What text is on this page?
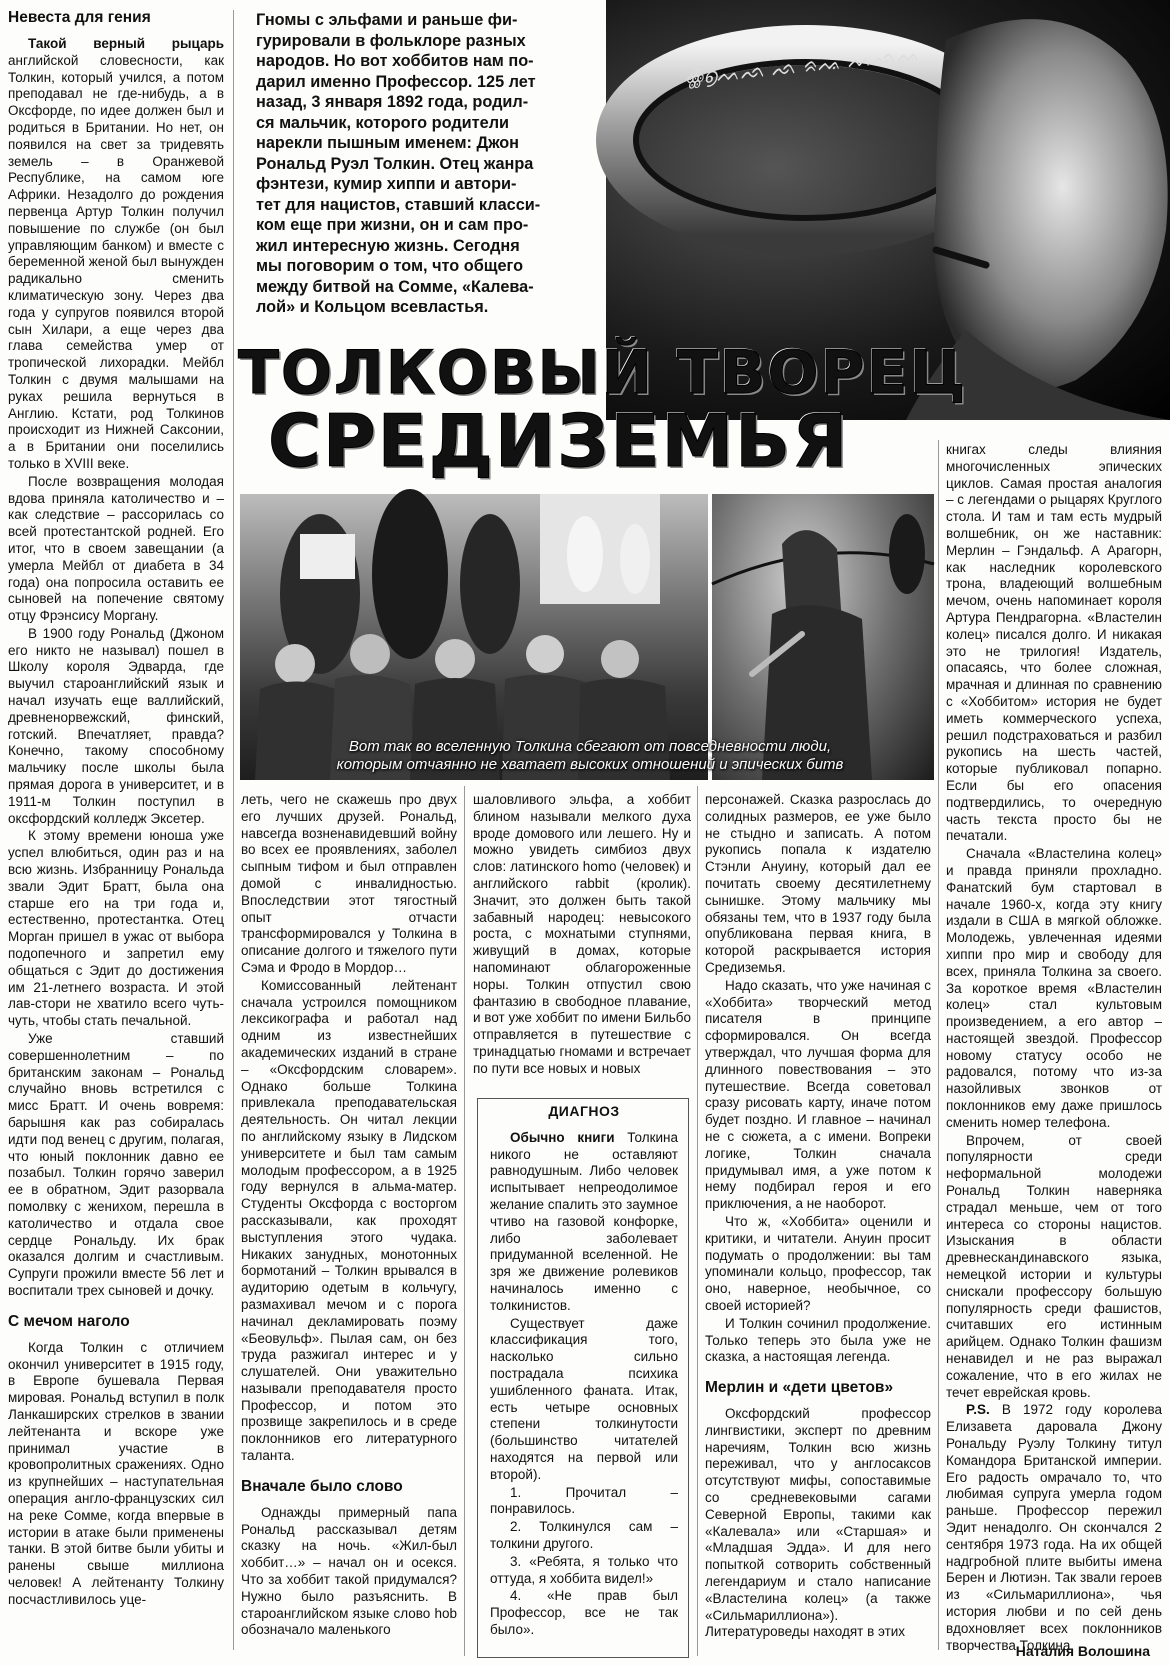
ꙮ൭ᨓᨒ ᨒ ᨑᨕ ᨓᨒᨐ
Гномы с эльфами и раньше фи-
гурировали в фольклоре разных
народов. Но вот хоббитов нам по-
дарил именно Профессор. 125 лет
назад, 3 января 1892 года, родил-
ся мальчик, которого родители
нарекли пышным именем: Джон
Рональд Руэл Толкин. Отец жанра
фэнтези, кумир хиппи и автори-
тет для нацистов, ставший класси-
ком еще при жизни, он и сам про-
жил интересную жизнь. Сегодня
мы поговорим о том, что общего
между битвой на Сомме, «Калева-
лой» и Кольцом всевластья.
ТОЛКОВЫЙ ТВОРЕЦ
СРЕДИЗЕМЬЯ
Вот так во вселенную Толкина сбегают от повседневности люди, которым отчаянно не хватает высоких отношений и эпических битв
Невеста для гения

Такой верный рыцарь английской словесности, как Толкин, который учился, а потом преподавал не где-нибудь, а в Оксфорде, по идее должен был и родиться в Британии. Но нет, он появился на свет за тридевять земель – в Оранжевой Республике, на самом юге Африки. Незадолго до рождения первенца Артур Толкин получил повышение по службе (он был управляющим банком) и вместе с беременной женой был вынужден радикально сменить климатическую зону. Через два года у супругов появился второй сын Хилари, а еще через два глава семейства умер от тропической лихорадки. Мейбл Толкин с двумя малышами на руках решила вернуться в Англию. Кстати, род Толкинов происходит из Нижней Саксонии, а в Британии они поселились только в XVIII веке.

После возвращения молодая вдова приняла католичество и – как следствие – рассорилась со всей протестантской родней. Его итог, что в своем завещании (а умерла Мейбл от диабета в 34 года) она попросила оставить ее сыновей на попечение святому отцу Фрэнсису Моргану.

В 1900 году Рональд (Джоном его никто не называл) пошел в Школу короля Эдварда, где выучил староанглийский язык и начал изучать еще валлийский, древненорвежский, финский, готский. Впечатляет, правда? Конечно, такому способному мальчику после школы была прямая дорога в университет, и в 1911-м Толкин поступил в оксфордский колледж Эксетер.

К этому времени юноша уже успел влюбиться, один раз и на всю жизнь. Избранницу Рональда звали Эдит Братт, была она старше его на три года и, естественно, протестантка. Отец Морган пришел в ужас от выбора подопечного и запретил ему общаться с Эдит до достижения им 21-летнего возраста. И этой лав-стори не хватило всего чуть-чуть, чтобы стать печальной.

Уже ставший совершеннолетним – по британским законам – Рональд случайно вновь встретился с мисс Братт. И очень вовремя: барышня как раз собиралась идти под венец с другим, полагая, что юный поклонник давно ее позабыл. Толкин горячо заверил ее в обратном, Эдит разорвала помолвку с женихом, перешла в католичество и отдала свое сердце Рональду. Их брак оказался долгим и счастливым. Супруги прожили вместе 56 лет и воспитали трех сыновей и дочку.

С мечом наголо

Когда Толкин с отличием окончил университет в 1915 году, в Европе бушевала Первая мировая. Рональд вступил в полк Ланкаширских стрелков в звании лейтенанта и вскоре уже принимал участие в кровопролитных сражениях. Одно из крупнейших – наступательная операция англо-французских сил на реке Сомме, когда впервые в истории в атаке были применены танки. В этой битве были убиты и ранены свыше миллиона человек! А лейтенанту Толкину посчастливилось уце-

леть, чего не скажешь про двух его лучших друзей. Рональд, навсегда возненавидевший войну во всех ее проявлениях, заболел сыпным тифом и был отправлен домой с инвалидностью. Впоследствии этот тягостный опыт отчасти трансформировался у Толкина в описание долгого и тяжелого пути Сэма и Фродо в Мордор…

Комиссованный лейтенант сначала устроился помощником лексикографа и работал над одним из известнейших академических изданий в стране – «Оксфордским словарем». Однако больше Толкина привлекала преподавательская деятельность. Он читал лекции по английскому языку в Лидском университете и был там самым молодым профессором, а в 1925 году вернулся в альма-матер. Студенты Оксфорда с восторгом рассказывали, как проходят выступления этого чудака. Никаких занудных, монотонных бормотаний – Толкин врывался в аудиторию одетым в кольчугу, размахивал мечом и с порога начинал декламировать поэму «Беовульф». Пылая сам, он без труда разжигал интерес и у слушателей. Они уважительно называли преподавателя просто Профессор, и потом это прозвище закрепилось и в среде поклонников его литературного таланта.

Вначале было слово

Однажды примерный папа Рональд рассказывал детям сказку на ночь. «Жил-был хоббит…» – начал он и осекся. Что за хоббит такой придумался? Нужно было разъяснить. В староанглийском языке слово hob обозначало маленького

шаловливого эльфа, а хоббит блином называли мелкого духа вроде домового или лешего. Ну и можно увидеть симбиоз двух слов: латинского homo (человек) и английского rabbit (кролик). Значит, это должен быть такой забавный народец: невысокого роста, с мохнатыми ступнями, живущий в домах, которые напоминают облагороженные норы. Толкин отпустил свою фантазию в свободное плавание, и вот уже хоббит по имени Бильбо отправляется в путешествие с тринадцатью гномами и встречает по пути все новых и новых

ДИАГНОЗ

Обычно книги Толкина никого не оставляют равнодушным. Либо человек испытывает непреодолимое желание спалить это заумное чтиво на газовой конфорке, либо заболевает придуманной вселенной. Не зря же движение ролевиков начиналось именно с толкинистов.

Существует даже классификация того, насколько сильно пострадала психика ушибленного фаната. Итак, есть четыре основных степени толкинутости (большинство читателей находятся на первой или второй).

1. Прочитал – понравилось.

2. Толкинулся сам – толкини другого.

3. «Ребята, я только что оттуда, я хоббита видел!»

4. «Не прав был Профессор, все не так было».

персонажей. Сказка разрослась до солидных размеров, ее уже было не стыдно и записать. А потом рукопись попала к издателю Стэнли Ануину, который дал ее почитать своему десятилетнему сынишке. Этому мальчику мы обязаны тем, что в 1937 году была опубликована первая книга, в которой раскрывается история Средиземья.

Надо сказать, что уже начиная с «Хоббита» творческий метод писателя в принципе сформировался. Он всегда утверждал, что лучшая форма для длинного повествования – это путешествие. Всегда советовал сразу рисовать карту, иначе потом будет поздно. И главное – начинал не с сюжета, а с имени. Вопреки логике, Толкин сначала придумывал имя, а уже потом к нему подбирал героя и его приключения, а не наоборот.

Что ж, «Хоббита» оценили и критики, и читатели. Ануин просит подумать о продолжении: вы там упоминали кольцо, профессор, так оно, наверное, необычное, со своей историей?

И Толкин сочинил продолжение. Только теперь это была уже не сказка, а настоящая легенда.

Мерлин и «дети цветов»

Оксфордский профессор лингвистики, эксперт по древним наречиям, Толкин всю жизнь переживал, что у англосаксов отсутствуют мифы, сопоставимые со средневековыми сагами Северной Европы, такими как «Калевала» или «Старшая» и «Младшая Эдда». И для него попыткой сотворить собственный легендариум и стало написание «Властелина колец» (а также «Сильмариллиона»). Литературоведы находят в этих

книгах следы влияния многочисленных эпических циклов. Самая простая аналогия – с легендами о рыцарях Круглого стола. И там и там есть мудрый волшебник, он же наставник: Мерлин – Гэндальф. А Арагорн, как наследник королевского трона, владеющий волшебным мечом, очень напоминает короля Артура Пендрагорна. «Властелин колец» писался долго. И никакая это не трилогия! Издатель, опасаясь, что более сложная, мрачная и длинная по сравнению с «Хоббитом» история не будет иметь коммерческого успеха, решил подстраховаться и разбил рукопись на шесть частей, которые публиковал попарно. Если бы его опасения подтвердились, то очередную часть текста просто бы не печатали.

Сначала «Властелина колец» и правда приняли прохладно. Фанатский бум стартовал в начале 1960-х, когда эту книгу издали в США в мягкой обложке. Молодежь, увлеченная идеями хиппи про мир и свободу для всех, приняла Толкина за своего. За короткое время «Властелин колец» стал культовым произведением, а его автор – настоящей звездой. Профессор новому статусу особо не радовался, потому что из-за назойливых звонков от поклонников ему даже пришлось сменить номер телефона.

Впрочем, от своей популярности среди неформальной молодежи Рональд Толкин наверняка страдал меньше, чем от того интереса со стороны нацистов. Изыскания в области древнескандинавского языка, немецкой истории и культуры снискали профессору большую популярность среди фашистов, считавших его истинным арийцем. Однако Толкин фашизм ненавидел и не раз выражал сожаление, что в его жилах не течет еврейская кровь.

P.S. В 1972 году королева Елизавета даровала Джону Рональду Руэлу Толкину титул Командора Британской империи. Его радость омрачало то, что любимая супруга умерла годом раньше. Профессор пережил Эдит ненадолго. Он скончался 2 сентября 1973 года. На их общей надгробной плите выбиты имена Берен и Лютиэн. Так звали героев из «Сильмариллиона», чья история любви и по сей день вдохновляет всех поклонников творчества Толкина.

Наталия Волошина
